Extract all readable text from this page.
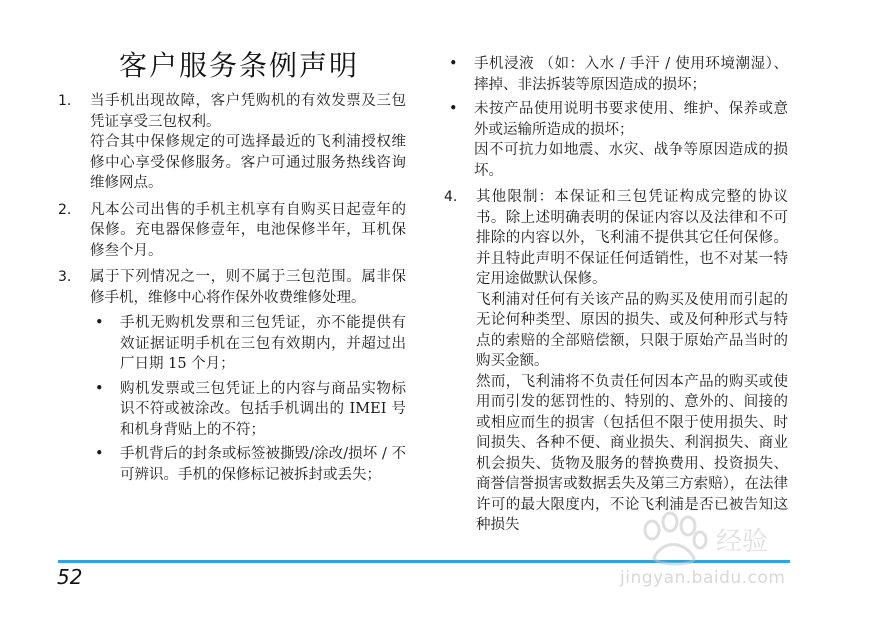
客户服务条例声明
1. 当手机出现故障，客户凭购机的有效发票及三包凭证享受三包权利。
符合其中保修规定的可选择最近的飞利浦授权维修中心享受保修服务。客户可通过服务热线咨询维修网点。
2. 凡本公司出售的手机主机享有自购买日起壹年的保修。充电器保修壹年，电池保修半年，耳机保修叁个月。
3. 属于下列情况之一，则不属于三包范围。属非保修手机，维修中心将作保外收费维修处理。
• 手机无购机发票和三包凭证，亦不能提供有效证据证明手机在三包有效期内，并超过出厂日期 15 个月；
• 购机发票或三包凭证上的内容与商品实物标识不符或被涂改。包括手机调出的 IMEI 号和机身背贴上的不符；
• 手机背后的封条或标签被撕毁/涂改/损坏 / 不可辨识。手机的保修标记被拆封或丢失；
• 手机浸液 （如：入水 / 手汗 / 使用环境潮湿）、摔掉、非法拆装等原因造成的损坏；
• 未按产品使用说明书要求使用、维护、保养或意外或运输所造成的损坏；
因不可抗力如地震、水灾、战争等原因造成的损坏。
4. 其他限制：本保证和三包凭证构成完整的协议书。除上述明确表明的保证内容以及法律和不可排除的内容以外，飞利浦不提供其它任何保修。并且特此声明不保证任何适销性，也不对某一特定用途做默认保修。
飞利浦对任何有关该产品的购买及使用而引起的无论何种类型、原因的损失、或及何种形式与特点的索赔的全部赔偿额，只限于原始产品当时的购买金额。
然而，飞利浦将不负责任何因本产品的购买或使用而引发的惩罚性的、特别的、意外的、间接的或相应而生的损害（包括但不限于使用损失、时间损失、各种不便、商业损失、利润损失、商业机会损失、货物及服务的替换费用、投资损失、商誉信誉损害或数据丢失及第三方索赔），在法律许可的最大限度内，不论飞利浦是否已被告知这种损失
52
经验
jingyan.baidu.com
